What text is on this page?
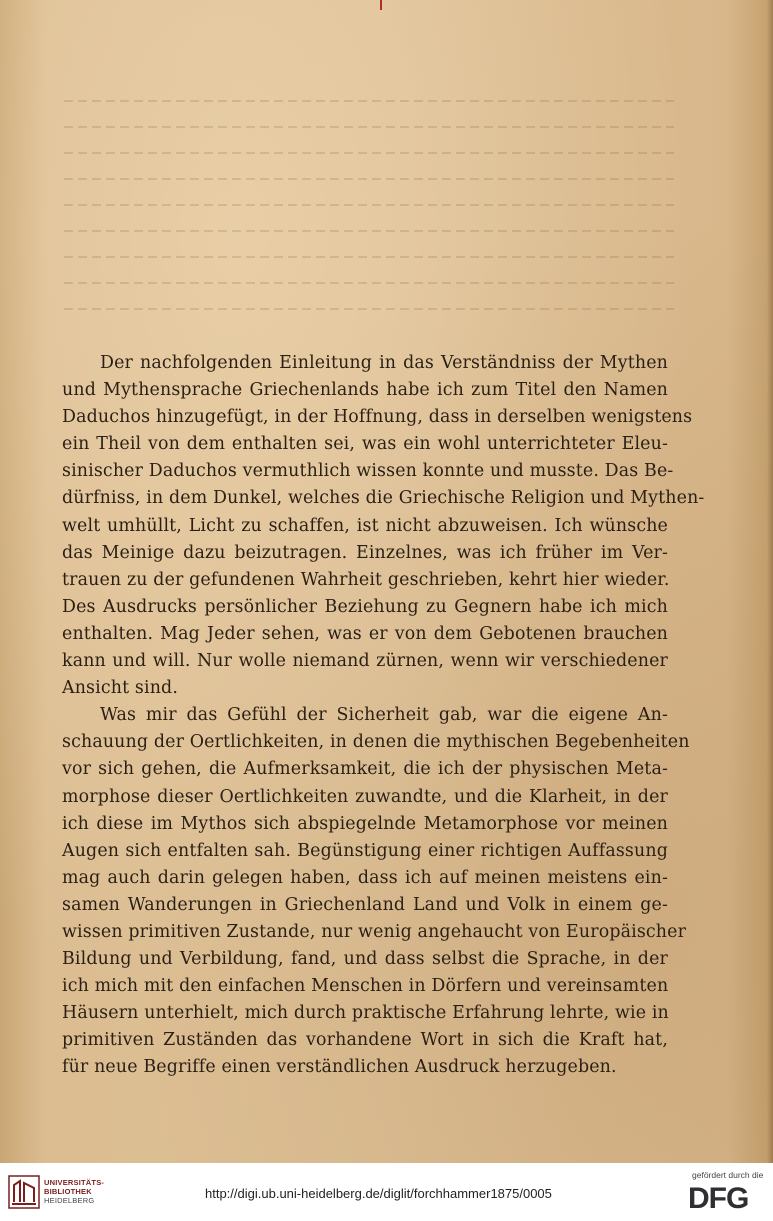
Der nachfolgenden Einleitung in das Verständniss der Mythen
und Mythensprache Griechenlands habe ich zum Titel den Namen
Daduchos hinzugefügt, in der Hoffnung, dass in derselben wenigstens
ein Theil von dem enthalten sei, was ein wohl unterrichteter Eleu-
sinischer Daduchos vermuthlich wissen konnte und musste. Das Be-
dürfniss, in dem Dunkel, welches die Griechische Religion und Mythen-
welt umhüllt, Licht zu schaffen, ist nicht abzuweisen. Ich wünsche
das Meinige dazu beizutragen. Einzelnes, was ich früher im Ver-
trauen zu der gefundenen Wahrheit geschrieben, kehrt hier wieder.
Des Ausdrucks persönlicher Beziehung zu Gegnern habe ich mich
enthalten. Mag Jeder sehen, was er von dem Gebotenen brauchen
kann und will. Nur wolle niemand zürnen, wenn wir verschiedener
Ansicht sind.

Was mir das Gefühl der Sicherheit gab, war die eigene An-
schauung der Oertlichkeiten, in denen die mythischen Begebenheiten
vor sich gehen, die Aufmerksamkeit, die ich der physischen Meta-
morphose dieser Oertlichkeiten zuwandte, und die Klarheit, in der
ich diese im Mythos sich abspiegelnde Metamorphose vor meinen
Augen sich entfalten sah. Begünstigung einer richtigen Auffassung
mag auch darin gelegen haben, dass ich auf meinen meistens ein-
samen Wanderungen in Griechenland Land und Volk in einem ge-
wissen primitiven Zustande, nur wenig angehaucht von Europäischer
Bildung und Verbildung, fand, und dass selbst die Sprache, in der
ich mich mit den einfachen Menschen in Dörfern und vereinsamten
Häusern unterhielt, mich durch praktische Erfahrung lehrte, wie in
primitiven Zuständen das vorhandene Wort in sich die Kraft hat,
für neue Begriffe einen verständlichen Ausdruck herzugeben.

UNIVERSITÄTS-
BIBLIOTHEK
HEIDELBERG	http://digi.ub.uni-heidelberg.de/diglit/forchhammer1875/0005
gefördert durch die
DFG
